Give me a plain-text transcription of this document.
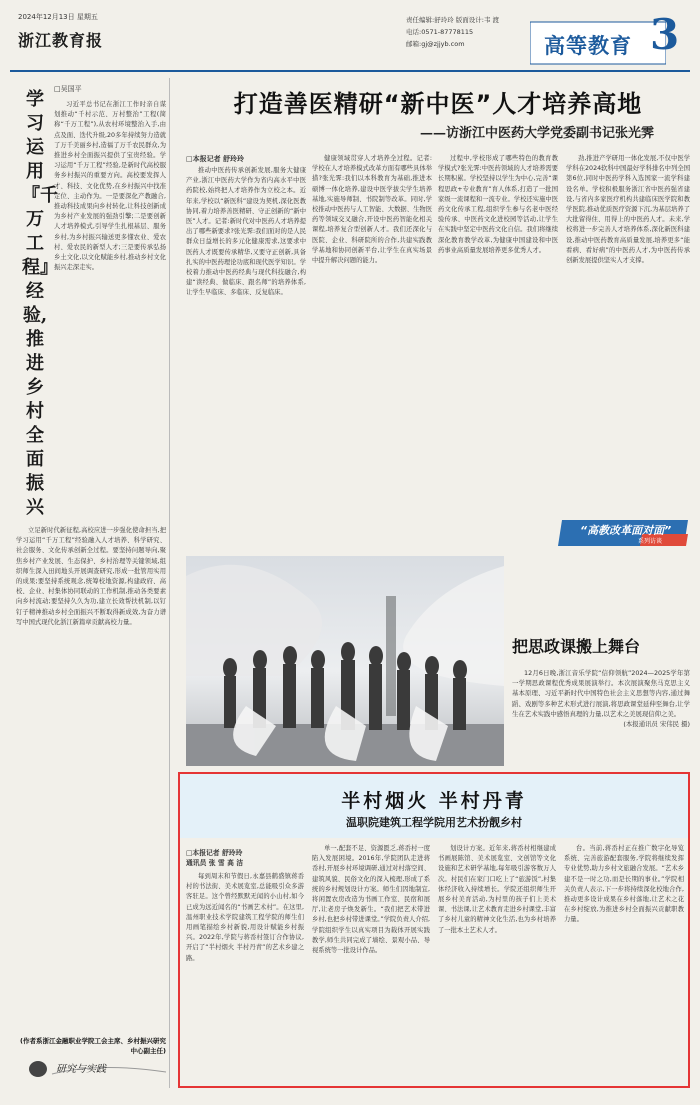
2024年12月13日 星期五
浙江教育报
责任编辑:舒玲玲 版面设计:韦 渡
电话:0571-87778115
邮箱:gj@zjjyb.com	高等教育 3
学习运用『千万工程』经验,推进乡村全面振兴
□吴国平
习近平总书记在浙江工作时亲自谋划推动“千村示范、万村整治”工程(简称“千万工程”),从农村环境整治入手,由点及面、迭代升级,20多年持续努力造就了万千美丽乡村,造福了万千农民群众,为推进乡村全面振兴提供了宝贵经验。学习运用“千万工程”经验,是新时代高校服务乡村振兴的重要方向。高校要发挥人才、科技、文化优势,在乡村振兴中找准定位、主动作为。一是要深化产教融合,推动科技成果向乡村转化,让科技创新成为乡村产业发展的强劲引擎;二是要创新人才培养模式,引导学生扎根基层、服务乡村,为乡村振兴输送更多懂农业、爱农村、爱农民的新型人才;三是要传承弘扬乡土文化,以文化赋能乡村,推动乡村文化振兴走深走实。
立足新时代新征程,高校应进一步强化使命担当,把学习运用“千万工程”经验融入人才培养、科学研究、社会服务、文化传承创新全过程。要坚持问题导向,聚焦乡村产业发展、生态保护、乡村治理等关键领域,组织师生深入田间地头开展调查研究,形成一批管用实用的成果;要坚持系统观念,统筹校地资源,构建政府、高校、企业、村集体协同联动的工作机制,推动各类要素向乡村流动;要坚持久久为功,建立长效帮扶机制,以钉钉子精神推动乡村全面振兴不断取得新成效,为奋力谱写中国式现代化浙江新篇章贡献高校力量。
(作者系浙江金融职业学院工会主席、乡村振兴研究中心副主任)
研究与实践
打造善医精研“新中医”人才培养高地
——访浙江中医药大学党委副书记张光霁
□本报记者 舒玲玲
推动中医药传承创新发展,服务大健康产业,浙江中医药大学作为省内高水平中医药院校,始终把人才培养作为立校之本。近年来,学校以“新医科”建设为契机,深化医教协同,着力培养善医精研、守正创新的“新中医”人才。记者:新时代对中医药人才培养提出了哪些新要求?张光霁:我们面对的是人民群众日益增长的多元化健康需求,这要求中医药人才既要传承精华,又要守正创新,具备扎实的中医药理论功底和现代医学知识。学校着力推动中医药经典与现代科技融合,构建“读经典、做临床、跟名师”的培养体系,让学生早临床、多临床、反复临床。
健康领域贯穿人才培养全过程。记者:学校在人才培养模式改革方面有哪些具体举措?张光霁:我们以本科教育为基础,推进本硕博一体化培养,建设中医学拔尖学生培养基地,实施导师制、书院制等改革。同时,学校推动中医药与人工智能、大数据、生物医药等领域交叉融合,开设中医药智能化相关课程,培养复合型创新人才。我们还深化与医院、企业、科研院所的合作,共建实践教学基地和协同创新平台,让学生在真实场景中提升解决问题的能力。
过程中,学校形成了哪些特色的教育教学模式?张光霁:中医药领域的人才培养需要长期积累。学校坚持以学生为中心,完善“课程思政+专业教育”育人体系,打造了一批国家级一流课程和一流专业。学校还实施中医药文化传承工程,组织学生参与名老中医经验传承、中医药文化进校园等活动,让学生在实践中坚定中医药文化自信。我们将继续深化教育教学改革,为健康中国建设和中医药事业高质量发展培养更多优秀人才。
劲,推进产学研用一体化发展,不仅中医学学科在2024软科中国最好学科排名中列全国第6位,同时中医药学科入选国家一流学科建设名单。学校积极服务浙江省中医药强省建设,与省内多家医疗机构共建临床医学院和教学医院,推动优质医疗资源下沉,为基层培养了大批留得住、用得上的中医药人才。未来,学校将进一步完善人才培养体系,深化新医科建设,推动中医药教育高质量发展,培养更多“能看病、看好病”的中医药人才,为中医药传承创新发展提供坚实人才支撑。
“高教改革面对面”
系列访谈
把思政课搬上舞台
12月6日晚,浙江音乐学院“信仰领航”2024—2025学年第一学期思政课程优秀成果展演举行。本次展演聚焦马克思主义基本原理、习近平新时代中国特色社会主义思想等内容,通过舞蹈、戏剧等多种艺术形式进行展演,将思政课堂延伸至舞台,让学生在艺术实践中感悟真理的力量,以艺术之美展现信仰之美。
(本报通讯员 宋伟民 摄)
半村烟火 半村丹青
温职院建筑工程学院用艺术扮靓乡村
□本报记者 舒玲玲
通讯员 张 雪 高 洁
每到周末和节假日,永嘉县鹤盛镇蒋岙村的书法街、美术展览室,总能吸引众多游客驻足。这个曾经默默无闻的小山村,如今已成为远近闻名的“书画艺术村”。在这里,温州职业技术学院建筑工程学院的师生们用画笔描绘乡村新貌,用设计赋能乡村振兴。2022年,学院与蒋岙村签订合作协议,开启了“半村烟火 半村丹青”的艺术乡建之路。
单一,配套不足、资源匮乏,蒋岙村一度陷入发展困境。2016年,学院团队走进蒋岙村,开展乡村环境调研,通过对村落空间、建筑风貌、民俗文化的深入梳理,形成了系统的乡村规划设计方案。师生们因地制宜,将闲置农房改造为书画工作室、民宿和展厅,让老房子焕发新生。“我们把艺术带进乡村,也把乡村带进课堂。”学院负责人介绍,学院组织学生以真实项目为载体开展实践教学,师生共同完成了墙绘、景观小品、导视系统等一批设计作品。
划设计方案。近年来,蒋岙村相继建成书画展陈馆、美术展览室、文创馆等文化设施和艺术研学基地,每年吸引游客数万人次。村民们在家门口吃上了“旅游饭”,村集体经济收入持续增长。学院还组织师生开展乡村美育活动,为村里的孩子们上美术课、书法课,让艺术教育走进乡村课堂,丰富了乡村儿童的精神文化生活,也为乡村培养了一批本土艺术人才。
台。当前,蒋岙村正在推广数字化导览系统、完善旅游配套服务,学院将继续发挥专业优势,助力乡村文旅融合发展。“艺术乡建不是一时之功,而是长期的事业。”学院相关负责人表示,下一步将持续深化校地合作,推动更多设计成果在乡村落地,让艺术之花在乡村绽放,为推进乡村全面振兴贡献职教力量。
